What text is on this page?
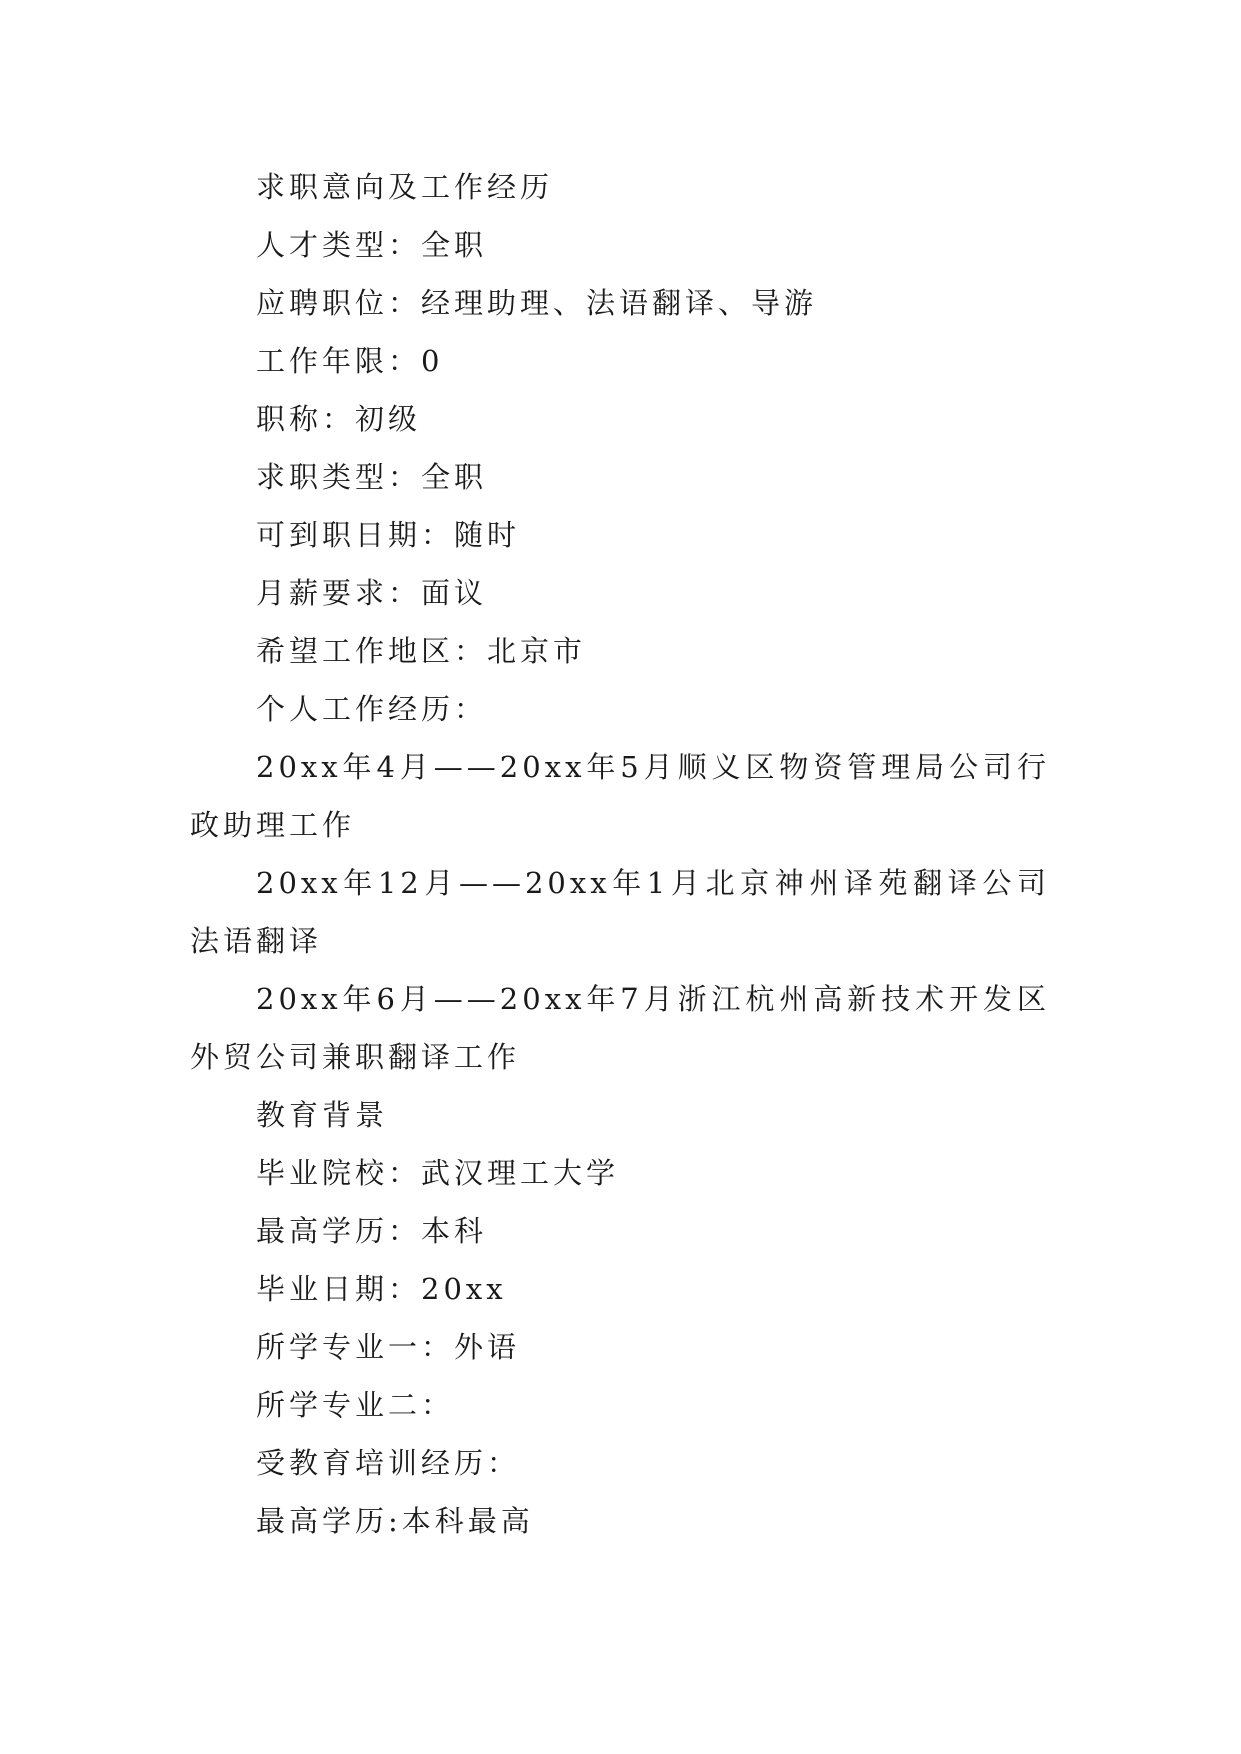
求职意向及工作经历

人才类型：全职

应聘职位：经理助理、法语翻译、导游

工作年限：0

职称：初级

求职类型：全职

可到职日期：随时

月薪要求：面议

希望工作地区：北京市

个人工作经历：

20xx年4月——20xx年5月顺义区物资管理局公司行政助理工作

20xx年12月——20xx年1月北京神州译苑翻译公司法语翻译

20xx年6月——20xx年7月浙江杭州高新技术开发区外贸公司兼职翻译工作

教育背景

毕业院校：武汉理工大学

最高学历：本科

毕业日期：20xx

所学专业一：外语

所学专业二：

受教育培训经历：

最高学历:本科最高
